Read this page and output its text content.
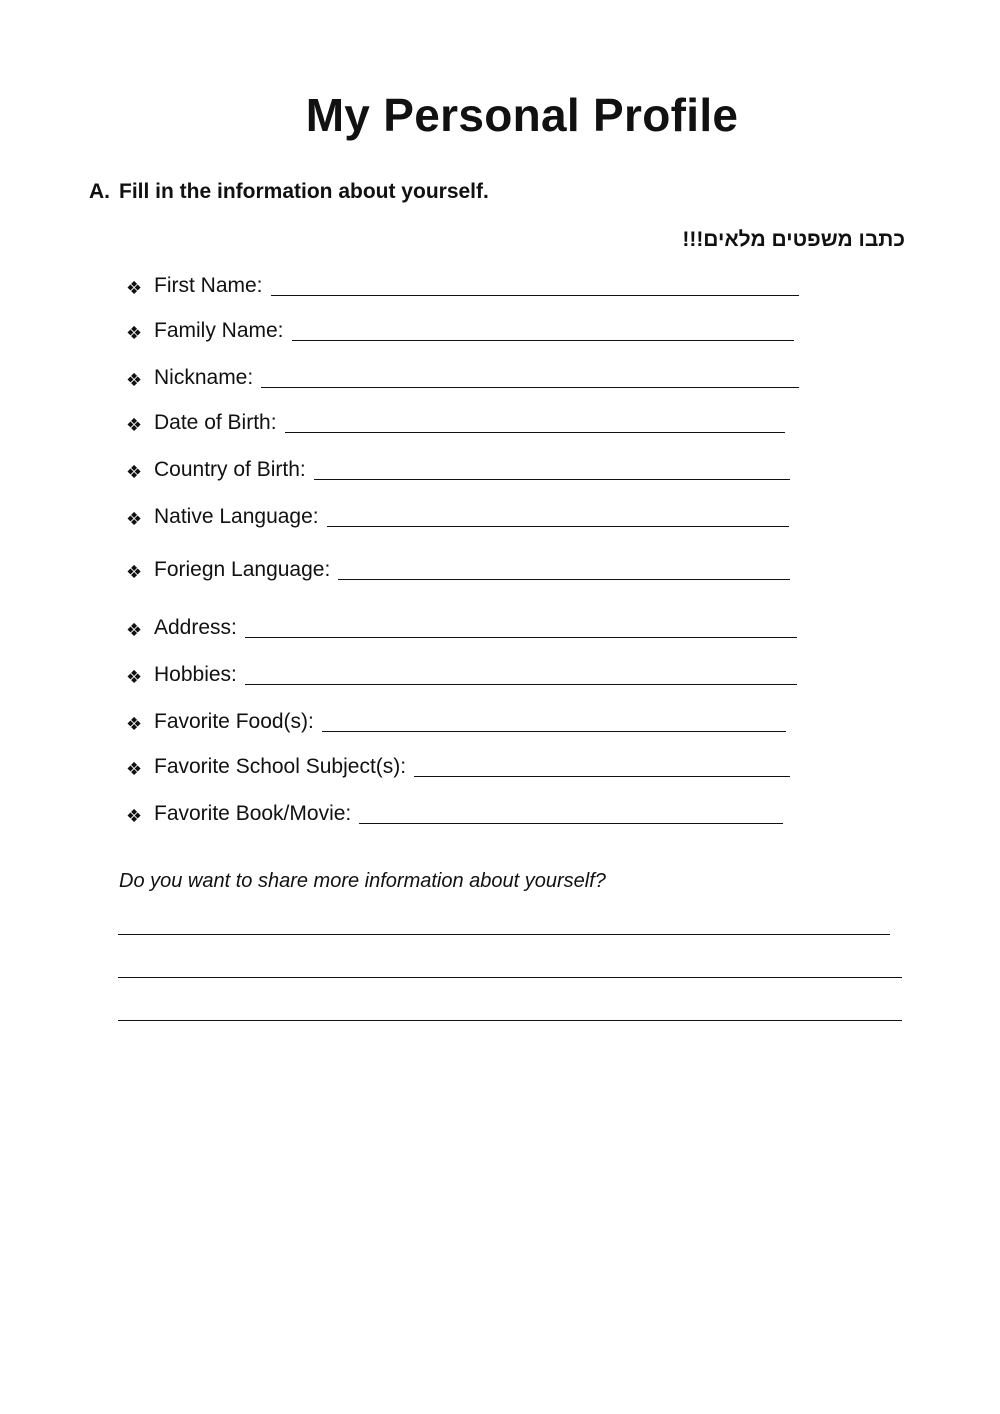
My Personal Profile
A. Fill in the information about yourself.
כתבו משפטים מלאים!!!
❖ First Name:
❖ Family Name:
❖ Nickname:
❖ Date of Birth:
❖ Country of Birth:
❖ Native Language:
❖ Foriegn Language:
❖ Address:
❖ Hobbies:
❖ Favorite Food(s):
❖ Favorite School Subject(s):
❖ Favorite Book/Movie:
Do you want to share more information about yourself?
